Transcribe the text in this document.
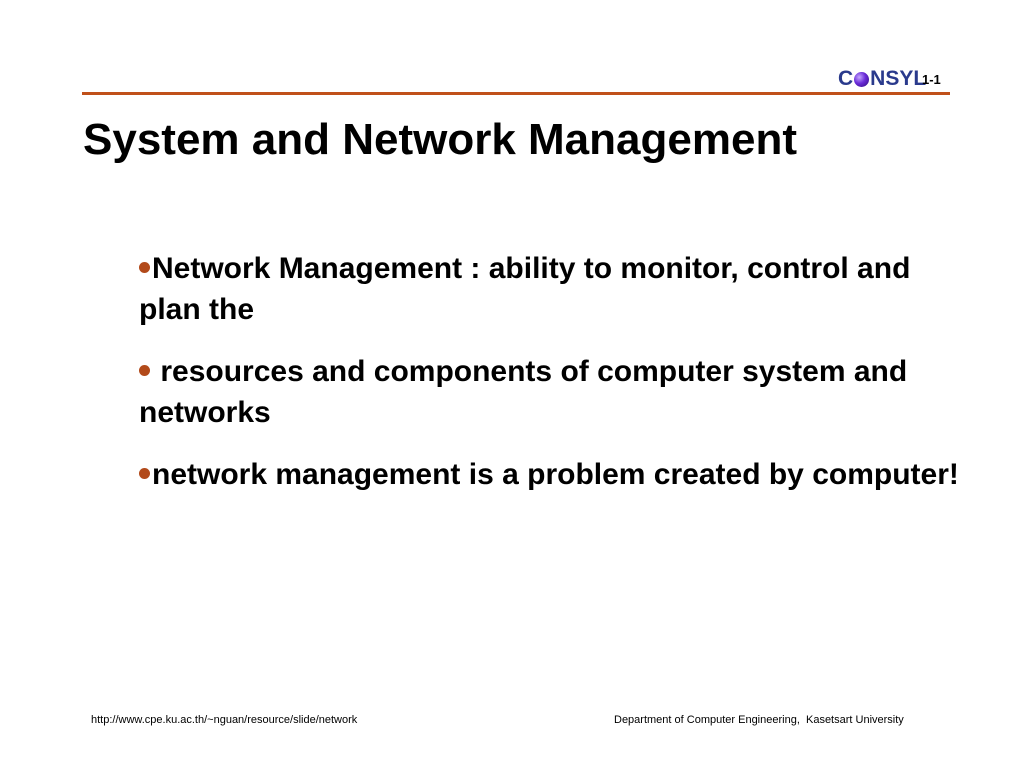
C NSYL
1-1
System and Network Management
Network Management : ability to monitor, control and plan the
resources and components of computer system and networks
network management is a problem created by computer!
http://www.cpe.ku.ac.th/~nguan/resource/slide/network	Department of Computer Engineering,  Kasetsart University
